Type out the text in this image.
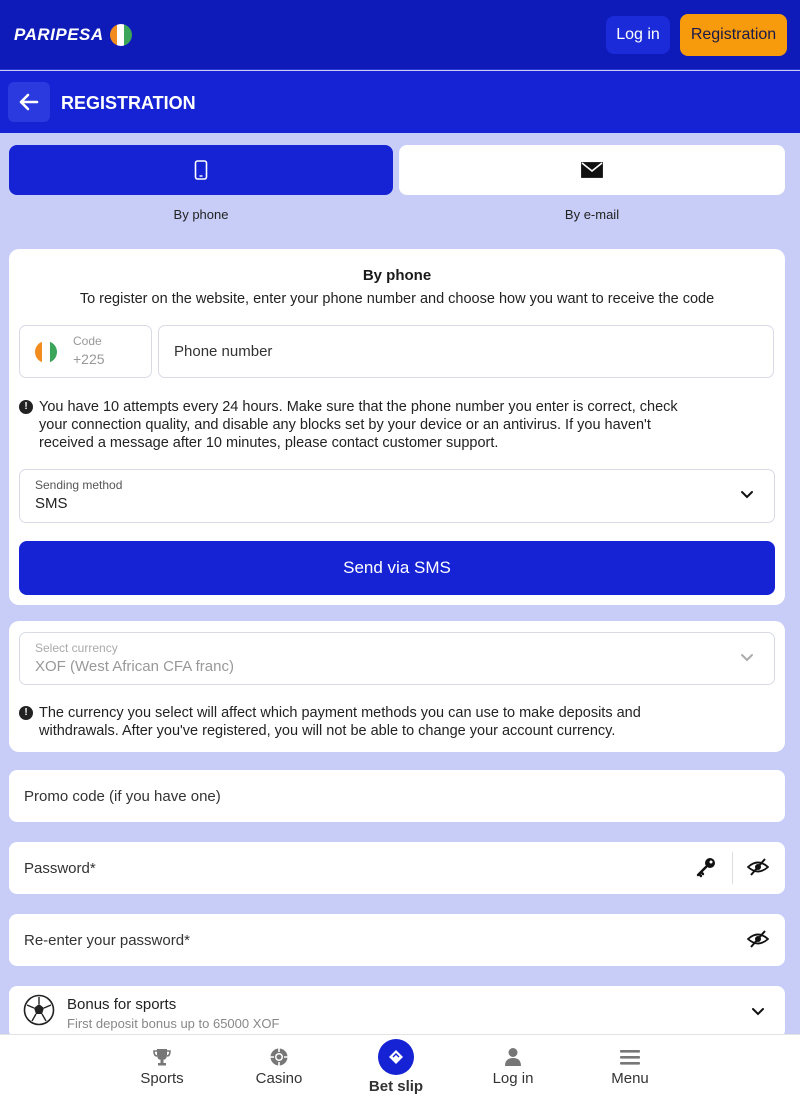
PARIPESA	Log in	Registration
REGISTRATION
By phone	By e-mail
By phone
To register on the website, enter your phone number and choose how you want to receive the code
Code
+225	Phone number
! You have 10 attempts every 24 hours. Make sure that the phone number you enter is correct, check
your connection quality, and disable any blocks set by your device or an antivirus. If you haven't
received a message after 10 minutes, please contact customer support.
Sending method
SMS
Send via SMS
Select currency
XOF (West African CFA franc)
! The currency you select will affect which payment methods you can use to make deposits and
withdrawals. After you've registered, you will not be able to change your account currency.
Promo code (if you have one)
Password*
Re-enter your password*
Bonus for sports
First deposit bonus up to 65000 XOF
Sports	Casino	Bet slip	Log in	Menu
